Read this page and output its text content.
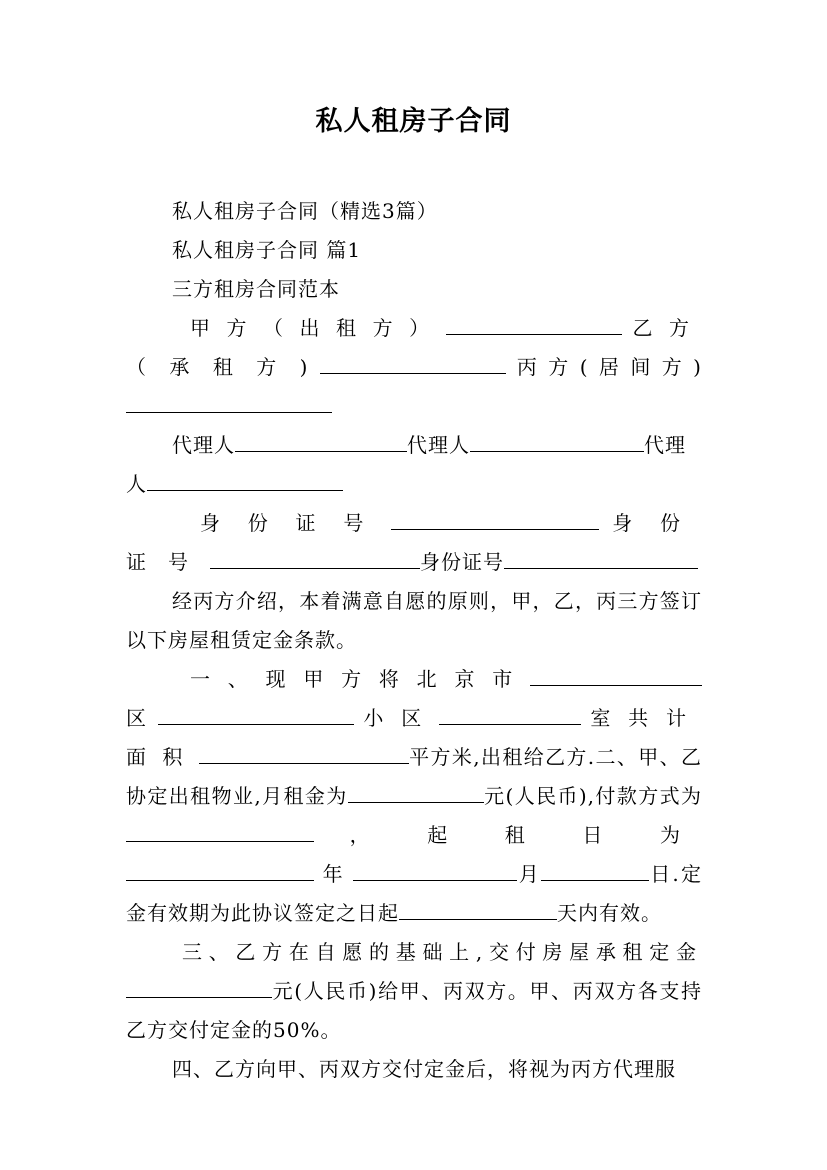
私人租房子合同

私人租房子合同（精选3篇）

私人租房子合同 篇1

三方租房合同范本

甲方（出租方）	乙方（承租方)	丙方(居间方)

代理人	代理人	代理
人

身份证号	身份证号	身份证号

经丙方介绍，本着满意自愿的原则，甲，乙，丙三方签订以下房屋租赁定金条款。

一、现甲方将北京市 区	小区	室共计面积	平方米,出租给乙方.二、甲、乙协定出租物业,月租金为	元(人民币),付款方式为，起租日为 年	月	日.定金有效期为此协议签定之日起	天内有效。

三、乙方在自愿的基础上,交付房屋承租定金元(人民币)给甲、丙双方。甲、丙双方各支持乙方交付定金的50%。

四、乙方向甲、丙双方交付定金后，将视为丙方代理服
